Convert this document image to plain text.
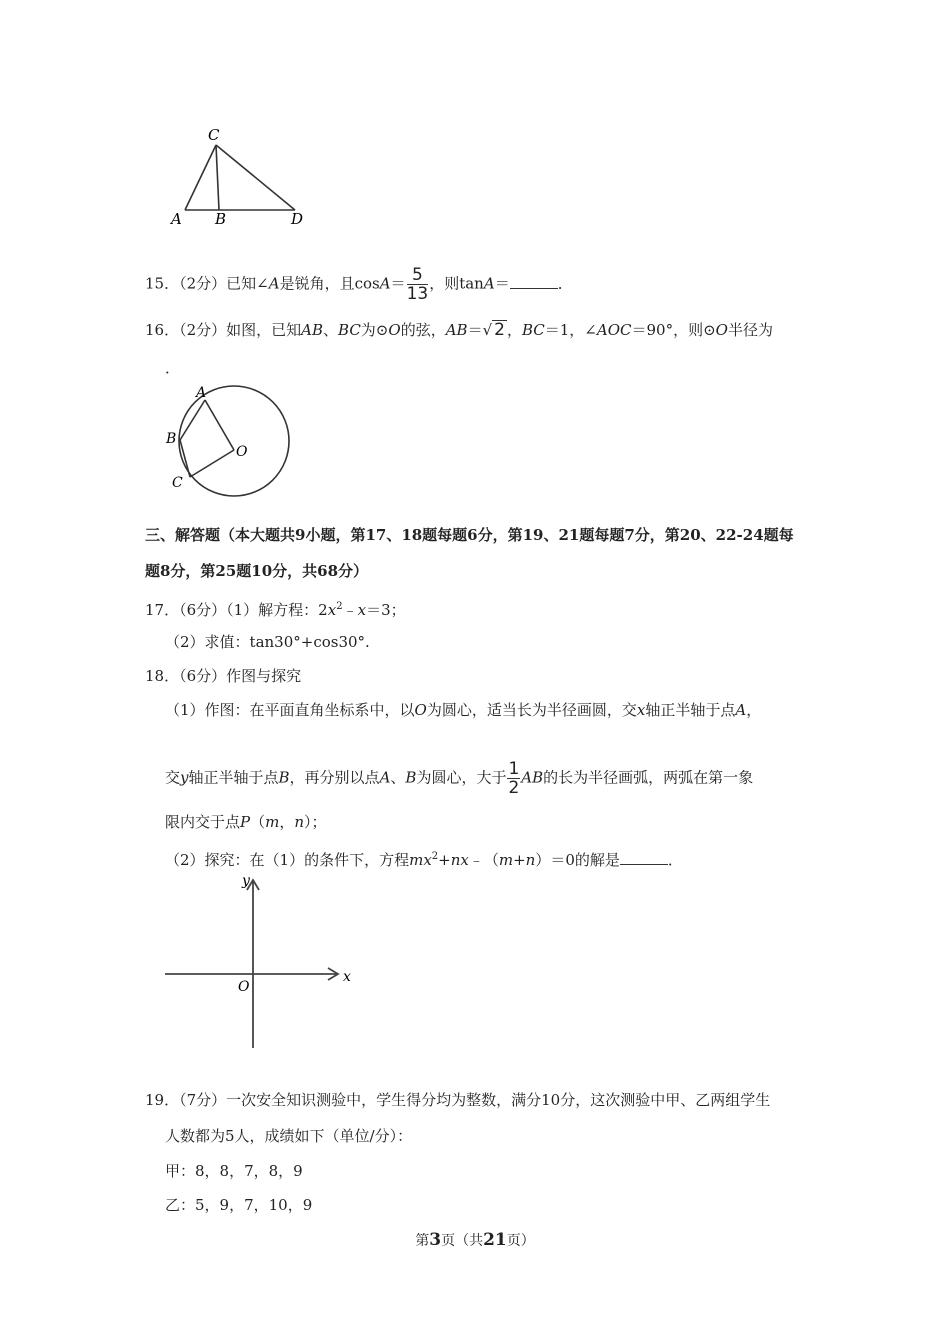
C
A B	D
15．（2分）已知∠A是锐角，且$\cos A= \frac{5}{13}$ ，则tanA＝	．
16．（2分）如图，已知AB、BC为⊙O的弦，AB＝√ 2 ，BC＝1，∠AOC＝90°，则⊙O半径为
．
A
B
C
O
三、解答题（本大题共9小题，第17、18题每题6分，第19、21题每题7分，第20、22-24题每
题8分，第25题10分，共68分）
17．（6分）（1）解方程：$2x^2﹣x=3$；
（2）求值：tan30°+cos30°.
18．（6分）作图与探究
（1）作图：在平面直角坐标系中，以O为圆心，适当长为半径画圆，交x轴正半轴于点A，
交y轴正半轴于点B，再分别以点A、B为圆心，大于 $\frac{1}{2}$ AB的长为半径画弧，两弧在第一象
限内交于点P（m，n）；
（2）探究：在（1）的条件下，方程$mx^2+nx﹣(m+n)=0$的解是	．
y
x
O
19．（7分）一次安全知识测验中，学生得分均为整数，满分10分，这次测验中甲、乙两组学生
人数都为5人，成绩如下（单位/分）：
甲：8，8，7，8，9
乙：5，9，7，10，9
第3页（共21页）
